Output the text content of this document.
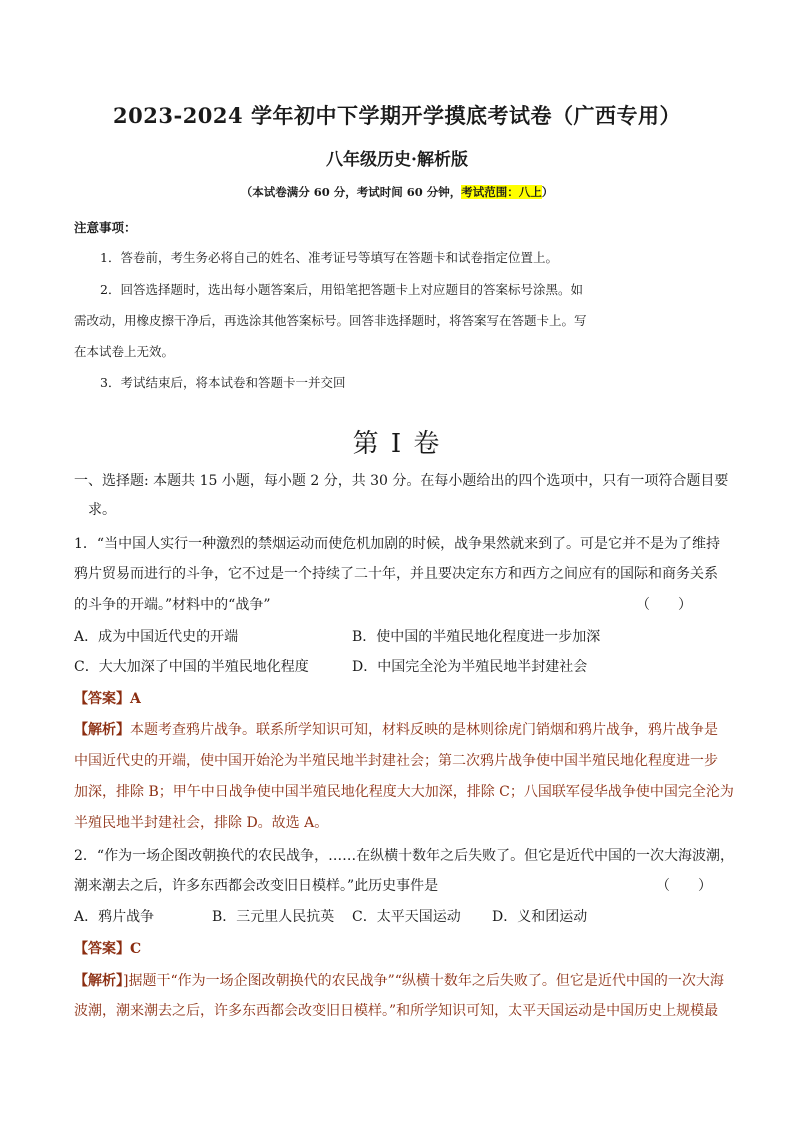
2023-2024 学年初中下学期开学摸底考试卷（广西专用）
八年级历史·解析版
（本试卷满分 60 分，考试时间 60 分钟，考试范围：八上）
注意事项：
1．答卷前，考生务必将自己的姓名、准考证号等填写在答题卡和试卷指定位置上。
2．回答选择题时，选出每小题答案后，用铅笔把答题卡上对应题目的答案标号涂黑。如
需改动，用橡皮擦干净后，再选涂其他答案标号。回答非选择题时，将答案写在答题卡上。写
在本试卷上无效。
3．考试结束后，将本试卷和答题卡一并交回
第 I 卷
一、选择题: 本题共 15 小题，每小题 2 分，共 30 分。在每小题给出的四个选项中，只有一项符合题目要
求。
1．“当中国人实行一种激烈的禁烟运动而使危机加剧的时候，战争果然就来到了。可是它并不是为了维持
鸦片贸易而进行的斗争，它不过是一个持续了二十年，并且要决定东方和西方之间应有的国际和商务关系
的斗争的开端。”材料中的“战争”	（　　）
A．成为中国近代史的开端	B．使中国的半殖民地化程度进一步加深
C．大大加深了中国的半殖民地化程度	D．中国完全沦为半殖民地半封建社会
【答案】A
【解析】本题考查鸦片战争。联系所学知识可知，材料反映的是林则徐虎门销烟和鸦片战争，鸦片战争是
中国近代史的开端，使中国开始沦为半殖民地半封建社会；第二次鸦片战争使中国半殖民地化程度进一步
加深，排除 B；甲午中日战争使中国半殖民地化程度大大加深，排除 C；八国联军侵华战争使中国完全沦为
半殖民地半封建社会，排除 D。故选 A。
2．“作为一场企图改朝换代的农民战争，……在纵横十数年之后失败了。但它是近代中国的一次大海波潮，
潮来潮去之后，许多东西都会改变旧日模样。”此历史事件是	（　　）
A．鸦片战争	B．三元里人民抗英 C．太平天国运动 D．义和团运动
【答案】C
【解析】]据题干“作为一场企图改朝换代的农民战争”“纵横十数年之后失败了。但它是近代中国的一次大海
波潮，潮来潮去之后，许多东西都会改变旧日模样。”和所学知识可知，太平天国运动是中国历史上规模最
